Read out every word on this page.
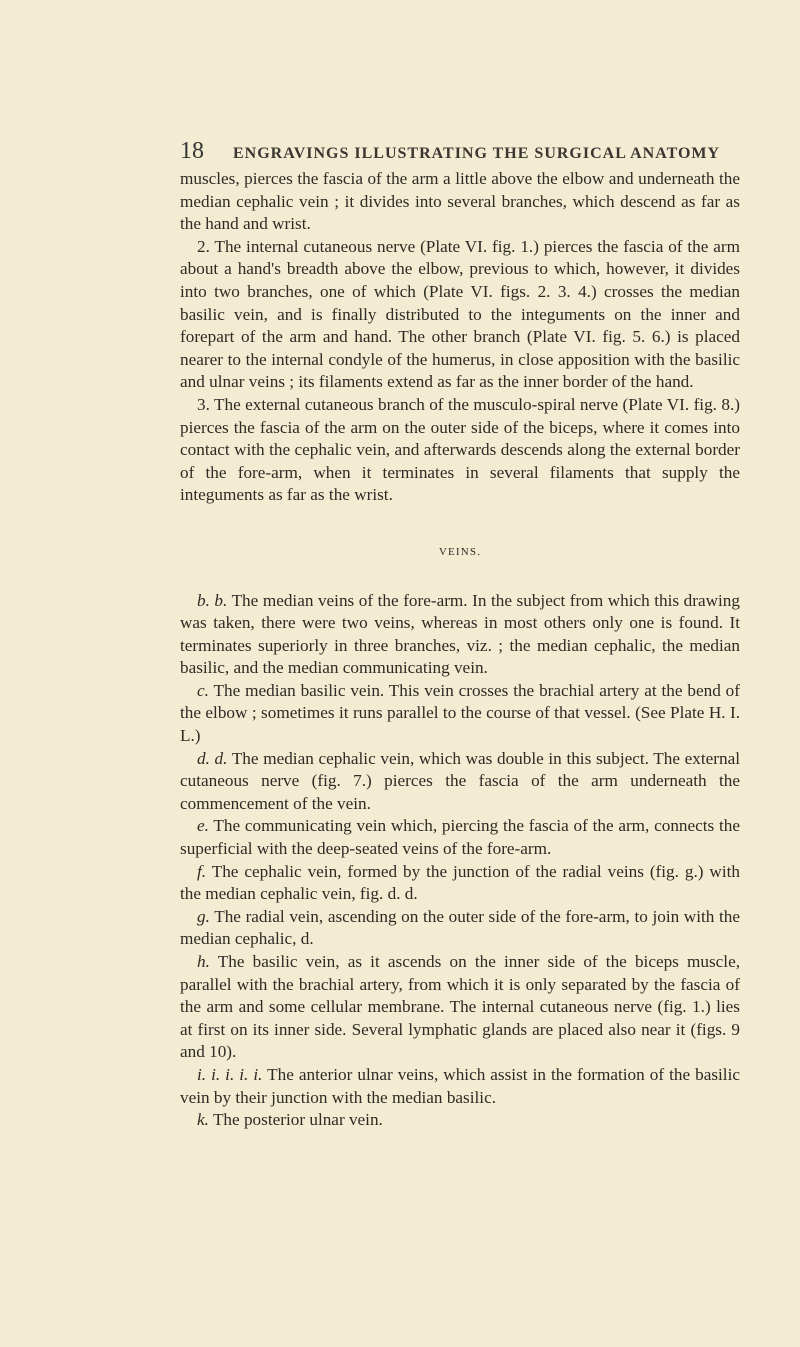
18	ENGRAVINGS ILLUSTRATING THE SURGICAL ANATOMY

muscles, pierces the fascia of the arm a little above the elbow and underneath the median cephalic vein ; it divides into several branches, which descend as far as the hand and wrist.

2. The internal cutaneous nerve (Plate VI. fig. 1.) pierces the fascia of the arm about a hand's breadth above the elbow, previous to which, however, it divides into two branches, one of which (Plate VI. figs. 2. 3. 4.) crosses the median basilic vein, and is finally distributed to the integuments on the inner and forepart of the arm and hand. The other branch (Plate VI. fig. 5. 6.) is placed nearer to the internal condyle of the humerus, in close apposition with the basilic and ulnar veins ; its filaments extend as far as the inner border of the hand.

3. The external cutaneous branch of the musculo-spiral nerve (Plate VI. fig. 8.) pierces the fascia of the arm on the outer side of the biceps, where it comes into contact with the cephalic vein, and afterwards descends along the external border of the fore-arm, when it terminates in several filaments that supply the integuments as far as the wrist.

VEINS.

b. b. The median veins of the fore-arm. In the subject from which this drawing was taken, there were two veins, whereas in most others only one is found. It terminates superiorly in three branches, viz. ; the median cephalic, the median basilic, and the median communicating vein.

c. The median basilic vein. This vein crosses the brachial artery at the bend of the elbow ; sometimes it runs parallel to the course of that vessel. (See Plate H. I. L.)

d. d. The median cephalic vein, which was double in this subject. The external cutaneous nerve (fig. 7.) pierces the fascia of the arm underneath the commencement of the vein.

e. The communicating vein which, piercing the fascia of the arm, connects the superficial with the deep-seated veins of the fore-arm.

f. The cephalic vein, formed by the junction of the radial veins (fig. g.) with the median cephalic vein, fig. d. d.

g. The radial vein, ascending on the outer side of the fore-arm, to join with the median cephalic, d.

h. The basilic vein, as it ascends on the inner side of the biceps muscle, parallel with the brachial artery, from which it is only separated by the fascia of the arm and some cellular membrane. The internal cutaneous nerve (fig. 1.) lies at first on its inner side. Several lymphatic glands are placed also near it (figs. 9 and 10).

i. i. i. i. i. The anterior ulnar veins, which assist in the formation of the basilic vein by their junction with the median basilic.

k. The posterior ulnar vein.
